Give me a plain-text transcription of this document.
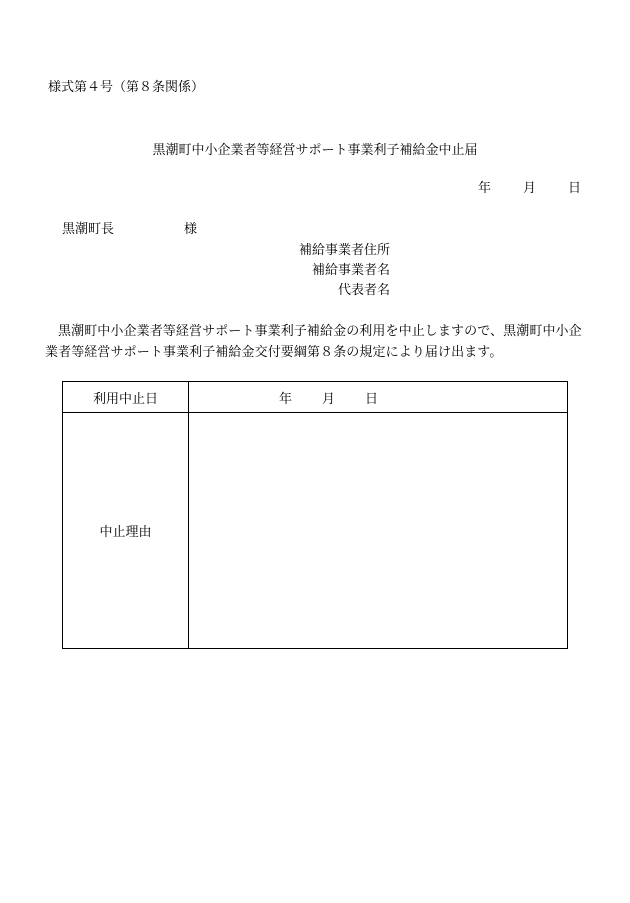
様式第４号（第８条関係）
黒潮町中小企業者等経営サポート事業利子補給金中止届
年 月 日
黒潮町長	様
補給事業者住所
補給事業者名
代表者名
黒潮町中小企業者等経営サポート事業利子補給金の利用を中止しますので、黒潮町中小企業者等経営サポート事業利子補給金交付要綱第８条の規定により届け出ます。
利用中止日	年 月 日
中止理由	
